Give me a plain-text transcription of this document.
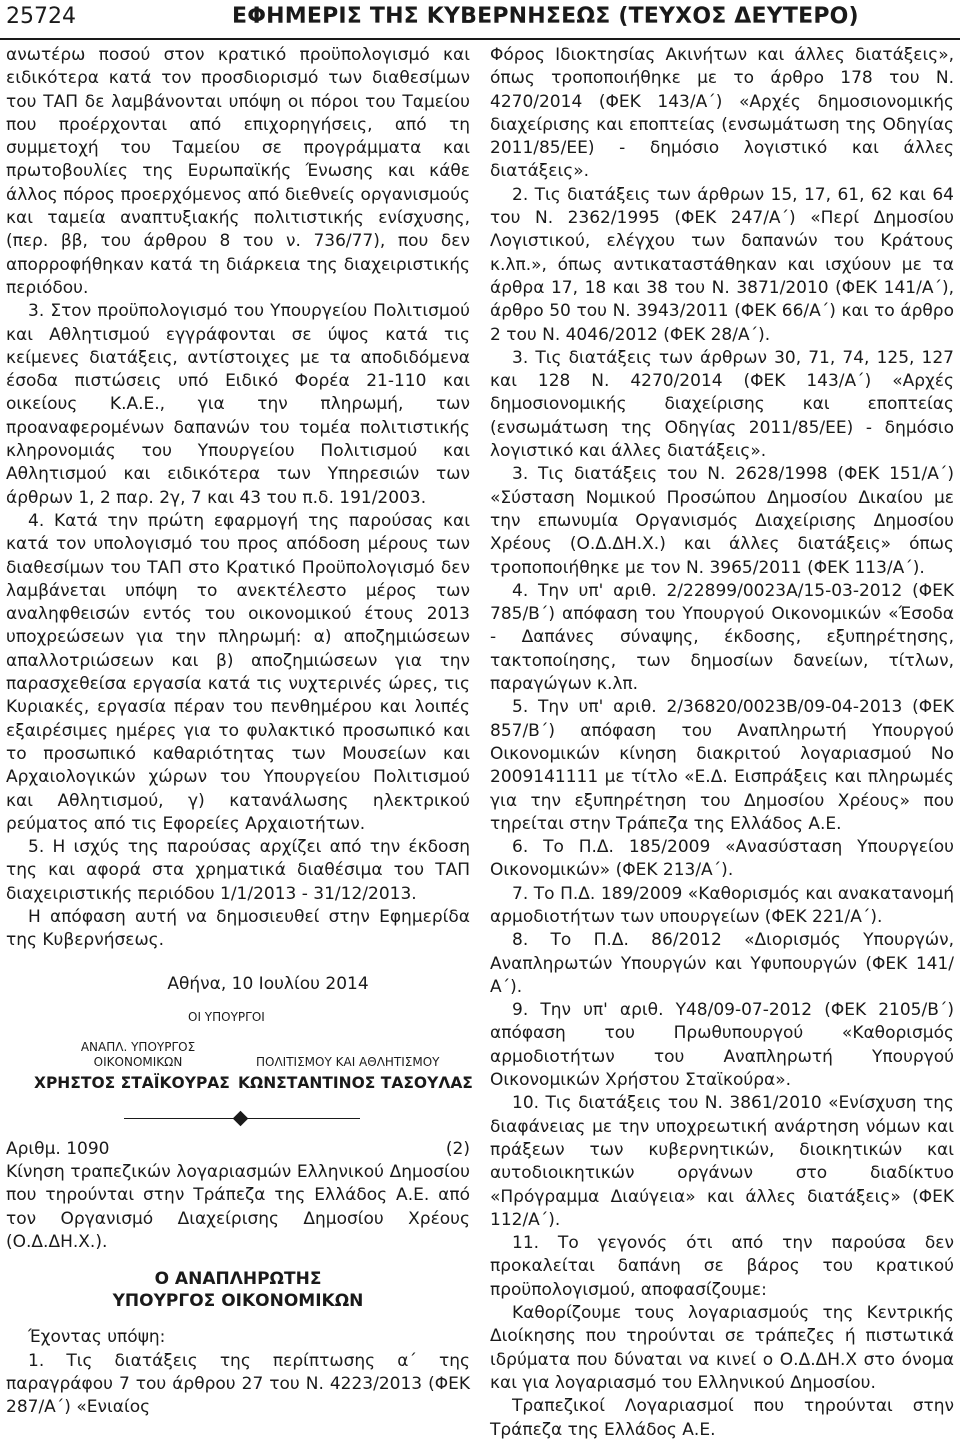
25724	ΕΦΗΜΕΡΙΣ ΤΗΣ ΚΥΒΕΡΝΗΣΕΩΣ (ΤΕΥΧΟΣ ΔΕΥΤΕΡΟ)

ανωτέρω ποσού στον κρατικό προϋπολογισμό και ειδικότερα κατά τον προσδιορισμό των διαθεσίμων του ΤΑΠ δε λαμβάνονται υπόψη οι πόροι του Ταμείου που προέρχονται από επιχορηγήσεις, από τη συμμετοχή του Ταμείου σε προγράμματα και πρωτοβουλίες της Ευρωπαϊκής Ένωσης και κάθε άλλος πόρος προερχόμενος από διεθνείς οργανισμούς και ταμεία αναπτυξιακής πολιτιστικής ενίσχυσης, (περ. ββ, του άρθρου 8 του ν. 736/77), που δεν απορροφήθηκαν κατά τη διάρκεια της διαχειριστικής περιόδου.

3. Στον προϋπολογισμό του Υπουργείου Πολιτισμού και Αθλητισμού εγγράφονται σε ύψος κατά τις κείμενες διατάξεις, αντίστοιχες με τα αποδιδόμενα έσοδα πιστώσεις υπό Ειδικό Φορέα 21-110 και οικείους Κ.Α.Ε., για την πληρωμή, των προαναφερομένων δαπανών του τομέα πολιτιστικής κληρονομιάς του Υπουργείου Πολιτισμού και Αθλητισμού και ειδικότερα των Υπηρεσιών των άρθρων 1, 2 παρ. 2γ, 7 και 43 του π.δ. 191/2003.

4. Κατά την πρώτη εφαρμογή της παρούσας και κατά τον υπολογισμό του προς απόδοση μέρους των διαθεσίμων του ΤΑΠ στο Κρατικό Προϋπολογισμό δεν λαμβάνεται υπόψη το ανεκτέλεστο μέρος των αναληφθεισών εντός του οικονομικού έτους 2013 υποχρεώσεων για την πληρωμή: α) αποζημιώσεων απαλλοτριώσεων και β) αποζημιώσεων για την παρασχεθείσα εργασία κατά τις νυχτερινές ώρες, τις Κυριακές, εργασία πέραν του πενθημέρου και λοιπές εξαιρέσιμες ημέρες για το φυλακτικό προσωπικό και το προσωπικό καθαριότητας των Μουσείων και Αρχαιολογικών χώρων του Υπουργείου Πολιτισμού και Αθλητισμού, γ) κατανάλωσης ηλεκτρικού ρεύματος από τις Εφορείες Αρχαιοτήτων.

5. Η ισχύς της παρούσας αρχίζει από την έκδοση της και αφορά στα χρηματικά διαθέσιμα του ΤΑΠ διαχειριστικής περιόδου 1/1/2013 - 31/12/2013.

Η απόφαση αυτή να δημοσιευθεί στην Εφημερίδα της Κυβερνήσεως.

Αθήνα, 10 Ιουλίου 2014

ΟΙ ΥΠΟΥΡΓΟΙ
ΑΝΑΠΛ. ΥΠΟΥΡΓΟΣ
ΟΙΚΟΝΟΜΙΚΩΝ	ΠΟΛΙΤΙΣΜΟΥ ΚΑΙ ΑΘΛΗΤΙΣΜΟΥ
ΧΡΗΣΤΟΣ ΣΤΑΪΚΟΥΡΑΣ ΚΩΝΣΤΑΝΤΙΝΟΣ ΤΑΣΟΥΛΑΣ
Αριθμ. 1090	(2)

Κίνηση τραπεζικών λογαριασμών Ελληνικού Δημοσίου που τηρούνται στην Τράπεζα της Ελλάδος Α.Ε. από τον Οργανισμό Διαχείρισης Δημοσίου Χρέους (Ο.Δ.ΔΗ.Χ.).

Ο ΑΝΑΠΛΗΡΩΤΗΣ

ΥΠΟΥΡΓΟΣ ΟΙΚΟΝΟΜΙΚΩΝ

Έχοντας υπόψη:

1. Τις διατάξεις της περίπτωσης α΄ της παραγράφου 7 του άρθρου 27 του Ν. 4223/2013 (ΦΕΚ 287/Α΄) «Ενιαίος

Φόρος Ιδιοκτησίας Ακινήτων και άλλες διατάξεις», όπως τροποποιήθηκε με το άρθρο 178 του Ν. 4270/2014 (ΦΕΚ 143/Α΄) «Αρχές δημοσιονομικής διαχείρισης και εποπτείας (ενσωμάτωση της Οδηγίας 2011/85/ΕΕ) - δημόσιο λογιστικό και άλλες διατάξεις».

2. Τις διατάξεις των άρθρων 15, 17, 61, 62 και 64 του Ν. 2362/1995 (ΦΕΚ 247/Α΄) «Περί Δημοσίου Λογιστικού, ελέγχου των δαπανών του Κράτους κ.λπ.», όπως αντικαταστάθηκαν και ισχύουν με τα άρθρα 17, 18 και 38 του Ν. 3871/2010 (ΦΕΚ 141/Α΄), άρθρο 50 του Ν. 3943/2011 (ΦΕΚ 66/Α΄) και το άρθρο 2 του Ν. 4046/2012 (ΦΕΚ 28/Α΄).

3. Τις διατάξεις των άρθρων 30, 71, 74, 125, 127 και 128 Ν. 4270/2014 (ΦΕΚ 143/Α΄) «Αρχές δημοσιονομικής διαχείρισης και εποπτείας (ενσωμάτωση της Οδηγίας 2011/85/ΕΕ) - δημόσιο λογιστικό και άλλες διατάξεις».

3. Τις διατάξεις του Ν. 2628/1998 (ΦΕΚ 151/Α΄) «Σύσταση Νομικού Προσώπου Δημοσίου Δικαίου με την επωνυμία Οργανισμός Διαχείρισης Δημοσίου Χρέους (Ο.Δ.ΔΗ.Χ.) και άλλες διατάξεις» όπως τροποποιήθηκε με τον Ν. 3965/2011 (ΦΕΚ 113/Α΄).

4. Την υπ' αριθ. 2/22899/0023Α/15-03-2012 (ΦΕΚ 785/Β΄) απόφαση του Υπουργού Οικονομικών «Έσοδα - Δαπάνες σύναψης, έκδοσης, εξυπηρέτησης, τακτοποίησης, των δημοσίων δανείων, τίτλων, παραγώγων κ.λπ.

5. Την υπ' αριθ. 2/36820/0023Β/09-04-2013 (ΦΕΚ 857/Β΄) απόφαση του Αναπληρωτή Υπουργού Οικονομικών κίνηση διακριτού λογαριασμού Νο 2009141111 με τίτλο «Ε.Δ. Εισπράξεις και πληρωμές για την εξυπηρέτηση του Δημοσίου Χρέους» που τηρείται στην Τράπεζα της Ελλάδος Α.Ε.

6. Το Π.Δ. 185/2009 «Ανασύσταση Υπουργείου Οικονομικών» (ΦΕΚ 213/Α΄).

7. Το Π.Δ. 189/2009 «Καθορισμός και ανακατανομή αρμοδιοτήτων των υπουργείων (ΦΕΚ 221/Α΄).

8. Το Π.Δ. 86/2012 «Διορισμός Υπουργών, Αναπληρωτών Υπουργών και Υφυπουργών (ΦΕΚ 141/Α΄).

9. Την υπ' αριθ. Υ48/09-07-2012 (ΦΕΚ 2105/Β΄) απόφαση του Πρωθυπουργού «Καθορισμός αρμοδιοτήτων του Αναπληρωτή Υπουργού Οικονομικών Χρήστου Σταϊκούρα».

10. Τις διατάξεις του Ν. 3861/2010 «Ενίσχυση της διαφάνειας με την υποχρεωτική ανάρτηση νόμων και πράξεων των κυβερνητικών, διοικητικών και αυτοδιοικητικών οργάνων στο διαδίκτυο «Πρόγραμμα Διαύγεια» και άλλες διατάξεις» (ΦΕΚ 112/Α΄).

11. Το γεγονός ότι από την παρούσα δεν προκαλείται δαπάνη σε βάρος του κρατικού προϋπολογισμού, αποφασίζουμε:

Καθορίζουμε τους λογαριασμούς της Κεντρικής Διοίκησης που τηρούνται σε τράπεζες ή πιστωτικά ιδρύματα που δύναται να κινεί ο Ο.Δ.ΔΗ.Χ στο όνομα και για λογαριασμό του Ελληνικού Δημοσίου.

Τραπεζικοί Λογαριασμοί που τηρούνται στην Τράπεζα της Ελλάδος Α.Ε.
